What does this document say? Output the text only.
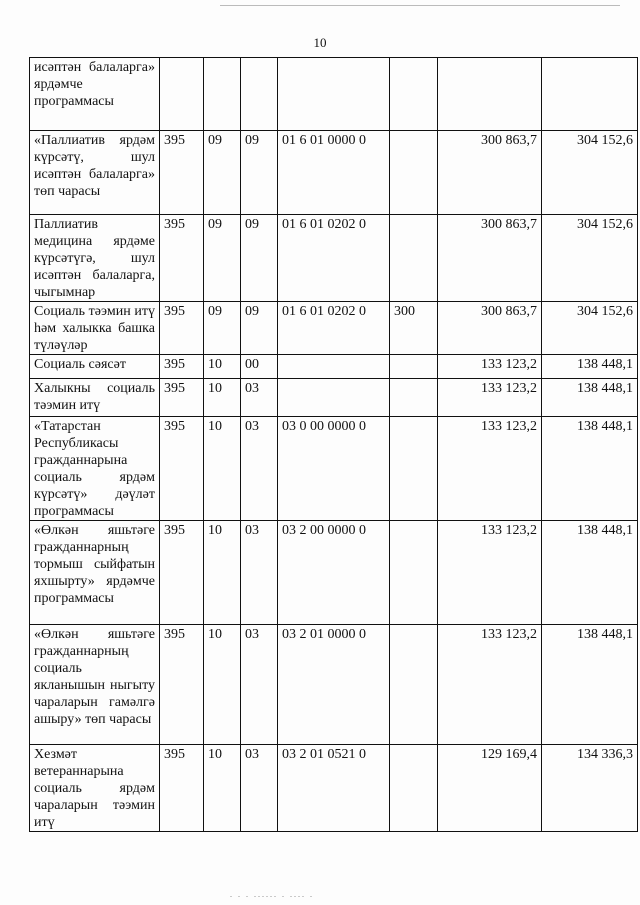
10
исәптән балаларга» ярдәмче программасы							
«Паллиатив ярдәм күрсәтү, шул исәптән балаларга» төп чарасы	395	09	09	01 6 01 0000 0		300 863,7	304 152,6
Паллиатив медицина ярдәме күрсәтүгә, шул исәптән балаларга, чыгымнар	395	09	09	01 6 01 0202 0		300 863,7	304 152,6
Социаль тәэмин итү һәм халыкка башка түләүләр	395	09	09	01 6 01 0202 0	300	300 863,7	304 152,6
Социаль сәясәт	395	10	00			133 123,2	138 448,1
Халыкны социаль тәэмин итү	395	10	03			133 123,2	138 448,1
«Татарстан Республикасы гражданнарына социаль ярдәм күрсәтү» дәүләт программасы	395	10	03	03 0 00 0000 0		133 123,2	138 448,1
«Өлкән яшьтәге гражданнарның тормыш сыйфатын яхшырту» ярдәмче программасы	395	10	03	03 2 00 0000 0		133 123,2	138 448,1
«Өлкән яшьтәге гражданнарның социаль якланышын ныгыту чараларын гамәлгә ашыру» төп чарасы	395	10	03	03 2 01 0000 0		133 123,2	138 448,1
Хезмәт ветераннарына социаль ярдәм чараларын тәэмин итү	395	10	03	03 2 01 0521 0		129 169,4	134 336,3
. . . ...... . .... .
